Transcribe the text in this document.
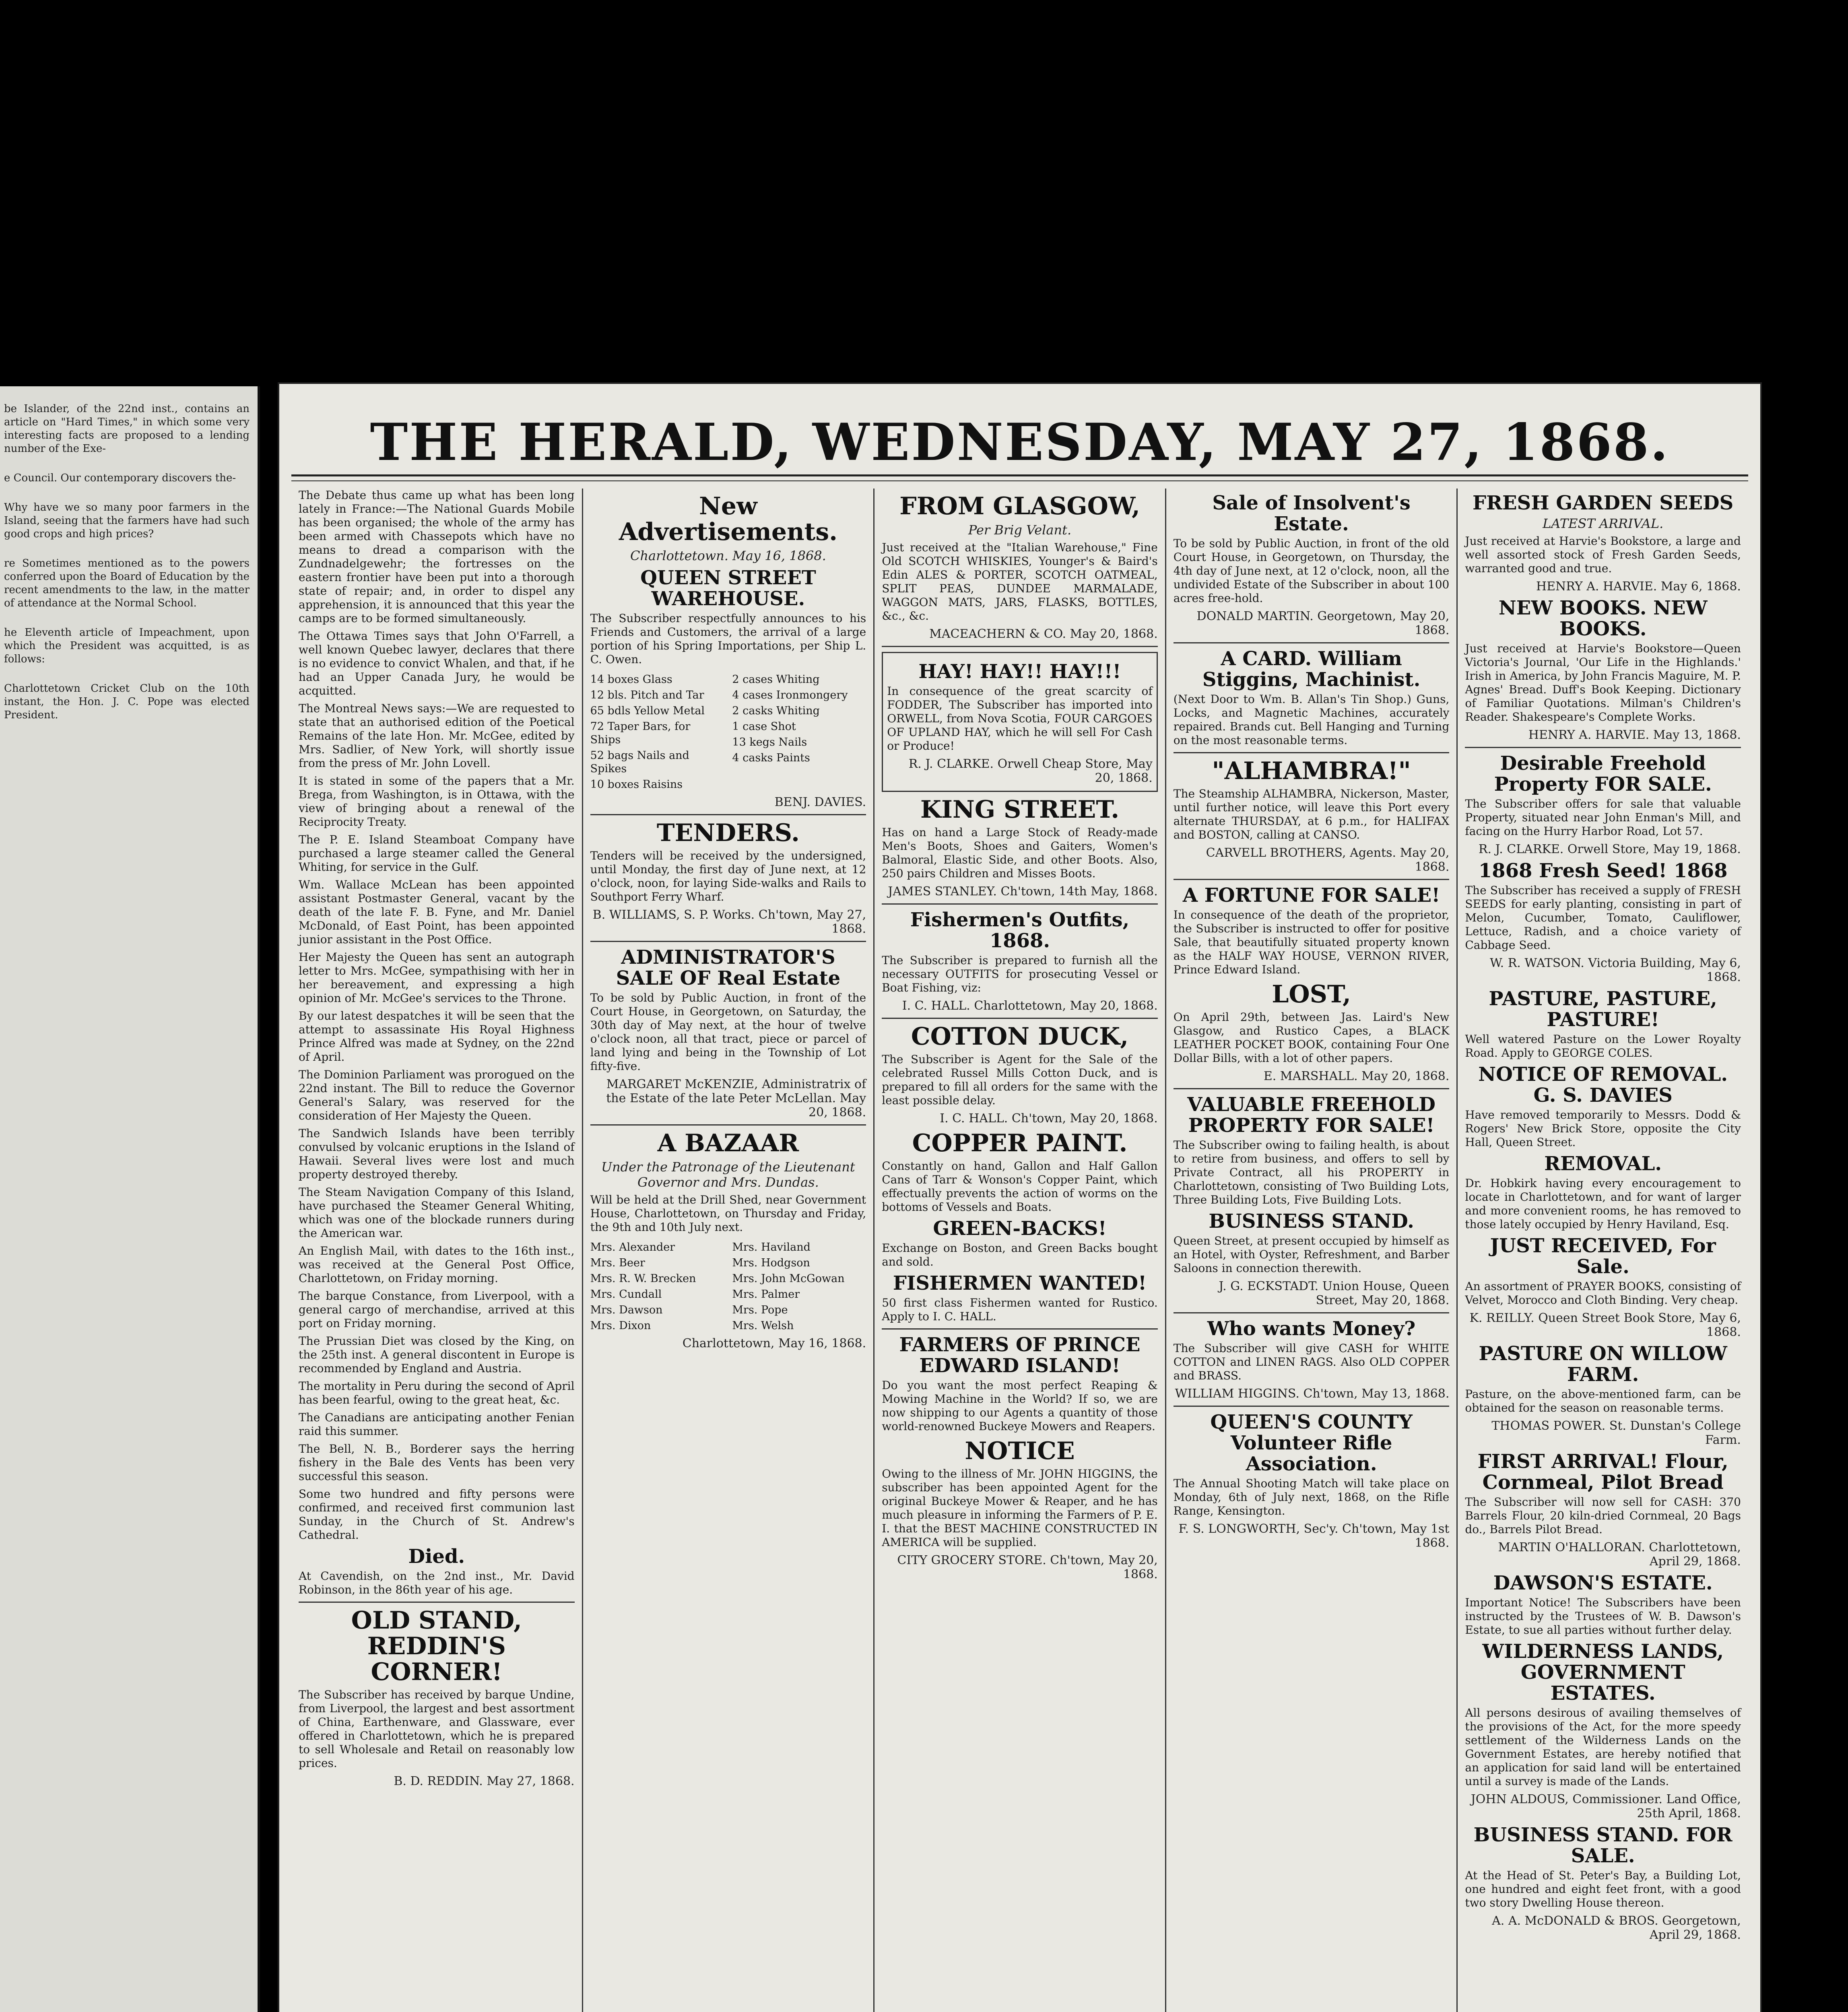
be Islander, of the 22nd inst., contains an article on "Hard Times," in which some very interesting facts are proposed to a lending number of the Exe-

e Council. Our contemporary discovers the-

Why have we so many poor farmers in the Island, seeing that the farmers have had such good crops and high prices?

re Sometimes mentioned as to the powers conferred upon the Board of Education by the recent amendments to the law, in the matter of attendance at the Normal School.

he Eleventh article of Impeachment, upon which the President was acquitted, is as follows:

Charlottetown Cricket Club on the 10th instant, the Hon. J. C. Pope was elected President.

THE HERALD, WEDNESDAY, MAY 27, 1868.

The Debate thus came up what has been long lately in France:—The National Guards Mobile has been organised; the whole of the army has been armed with Chassepots which have no means to dread a comparison with the Zundnadelgewehr; the fortresses on the eastern frontier have been put into a thorough state of repair; and, in order to dispel any apprehension, it is announced that this year the camps are to be formed simultaneously.

The Ottawa Times says that John O'Farrell, a well known Quebec lawyer, declares that there is no evidence to convict Whalen, and that, if he had an Upper Canada Jury, he would be acquitted.

The Montreal News says:—We are requested to state that an authorised edition of the Poetical Remains of the late Hon. Mr. McGee, edited by Mrs. Sadlier, of New York, will shortly issue from the press of Mr. John Lovell.

It is stated in some of the papers that a Mr. Brega, from Washington, is in Ottawa, with the view of bringing about a renewal of the Reciprocity Treaty.

The P. E. Island Steamboat Company have purchased a large steamer called the General Whiting, for service in the Gulf.

Wm. Wallace McLean has been appointed assistant Postmaster General, vacant by the death of the late F. B. Fyne, and Mr. Daniel McDonald, of East Point, has been appointed junior assistant in the Post Office.

Her Majesty the Queen has sent an autograph letter to Mrs. McGee, sympathising with her in her bereavement, and expressing a high opinion of Mr. McGee's services to the Throne.

By our latest despatches it will be seen that the attempt to assassinate His Royal Highness Prince Alfred was made at Sydney, on the 22nd of April.

The Dominion Parliament was prorogued on the 22nd instant. The Bill to reduce the Governor General's Salary, was reserved for the consideration of Her Majesty the Queen.

The Sandwich Islands have been terribly convulsed by volcanic eruptions in the Island of Hawaii. Several lives were lost and much property destroyed thereby.

The Steam Navigation Company of this Island, have purchased the Steamer General Whiting, which was one of the blockade runners during the American war.

An English Mail, with dates to the 16th inst., was received at the General Post Office, Charlottetown, on Friday morning.

The barque Constance, from Liverpool, with a general cargo of merchandise, arrived at this port on Friday morning.

The Prussian Diet was closed by the King, on the 25th inst. A general discontent in Europe is recommended by England and Austria.

The mortality in Peru during the second of April has been fearful, owing to the great heat, &c.

The Canadians are anticipating another Fenian raid this summer.

The Bell, N. B., Borderer says the herring fishery in the Bale des Vents has been very successful this season.

Some two hundred and fifty persons were confirmed, and received first communion last Sunday, in the Church of St. Andrew's Cathedral.

Died.

At Cavendish, on the 2nd inst., Mr. David Robinson, in the 86th year of his age.

OLD STAND, REDDIN'S CORNER!

The Subscriber has received by barque Undine, from Liverpool, the largest and best assortment of China, Earthenware, and Glassware, ever offered in Charlottetown, which he is prepared to sell Wholesale and Retail on reasonably low prices.

B. D. REDDIN. May 27, 1868.
New Advertisements.
Charlottetown. May 16, 1868.
QUEEN STREET WAREHOUSE.

The Subscriber respectfully announces to his Friends and Customers, the arrival of a large portion of his Spring Importations, per Ship L. C. Owen.

14 boxes Glass
12 bls. Pitch and Tar
65 bdls Yellow Metal
72 Taper Bars, for Ships
52 bags Nails and Spikes
10 boxes Raisins
2 cases Whiting
4 cases Ironmongery
2 casks Whiting
1 case Shot
13 kegs Nails
4 casks Paints
BENJ. DAVIES.
TENDERS.

Tenders will be received by the undersigned, until Monday, the first day of June next, at 12 o'clock, noon, for laying Side-walks and Rails to Southport Ferry Wharf.

B. WILLIAMS, S. P. Works. Ch'town, May 27, 1868.
ADMINISTRATOR'S SALE OF Real Estate

To be sold by Public Auction, in front of the Court House, in Georgetown, on Saturday, the 30th day of May next, at the hour of twelve o'clock noon, all that tract, piece or parcel of land lying and being in the Township of Lot fifty-five.

MARGARET McKENZIE, Administratrix of the Estate of the late Peter McLellan. May 20, 1868.
A BAZAAR
Under the Patronage of the Lieutenant Governor and Mrs. Dundas.

Will be held at the Drill Shed, near Government House, Charlottetown, on Thursday and Friday, the 9th and 10th July next.

Mrs. Alexander
Mrs. Beer
Mrs. R. W. Brecken
Mrs. Cundall
Mrs. Dawson
Mrs. Dixon
Mrs. Haviland
Mrs. Hodgson
Mrs. John McGowan
Mrs. Palmer
Mrs. Pope
Mrs. Welsh
Charlottetown, May 16, 1868.
FROM GLASGOW,
Per Brig Velant.

Just received at the "Italian Warehouse," Fine Old SCOTCH WHISKIES, Younger's & Baird's Edin ALES & PORTER, SCOTCH OATMEAL, SPLIT PEAS, DUNDEE MARMALADE, WAGGON MATS, JARS, FLASKS, BOTTLES, &c., &c.

MACEACHERN & CO. May 20, 1868.
HAY! HAY!! HAY!!!

In consequence of the great scarcity of FODDER, The Subscriber has imported into ORWELL, from Nova Scotia, FOUR CARGOES OF UPLAND HAY, which he will sell For Cash or Produce!

R. J. CLARKE. Orwell Cheap Store, May 20, 1868.
KING STREET.

Has on hand a Large Stock of Ready-made Men's Boots, Shoes and Gaiters, Women's Balmoral, Elastic Side, and other Boots. Also, 250 pairs Children and Misses Boots.

JAMES STANLEY. Ch'town, 14th May, 1868.
Fishermen's Outfits, 1868.

The Subscriber is prepared to furnish all the necessary OUTFITS for prosecuting Vessel or Boat Fishing, viz:

I. C. HALL. Charlottetown, May 20, 1868.
COTTON DUCK,

The Subscriber is Agent for the Sale of the celebrated Russel Mills Cotton Duck, and is prepared to fill all orders for the same with the least possible delay.

I. C. HALL. Ch'town, May 20, 1868.
COPPER PAINT.

Constantly on hand, Gallon and Half Gallon Cans of Tarr & Wonson's Copper Paint, which effectually prevents the action of worms on the bottoms of Vessels and Boats.

GREEN-BACKS!

Exchange on Boston, and Green Backs bought and sold.

FISHERMEN WANTED!

50 first class Fishermen wanted for Rustico. Apply to I. C. HALL.

FARMERS OF PRINCE EDWARD ISLAND!

Do you want the most perfect Reaping & Mowing Machine in the World? If so, we are now shipping to our Agents a quantity of those world-renowned Buckeye Mowers and Reapers.

NOTICE

Owing to the illness of Mr. JOHN HIGGINS, the subscriber has been appointed Agent for the original Buckeye Mower & Reaper, and he has much pleasure in informing the Farmers of P. E. I. that the BEST MACHINE CONSTRUCTED IN AMERICA will be supplied.

CITY GROCERY STORE. Ch'town, May 20, 1868.
Sale of Insolvent's Estate.

To be sold by Public Auction, in front of the old Court House, in Georgetown, on Thursday, the 4th day of June next, at 12 o'clock, noon, all the undivided Estate of the Subscriber in about 100 acres free-hold.

DONALD MARTIN. Georgetown, May 20, 1868.
A CARD. William Stiggins, Machinist.

(Next Door to Wm. B. Allan's Tin Shop.) Guns, Locks, and Magnetic Machines, accurately repaired. Brands cut. Bell Hanging and Turning on the most reasonable terms.

"ALHAMBRA!"

The Steamship ALHAMBRA, Nickerson, Master, until further notice, will leave this Port every alternate THURSDAY, at 6 p.m., for HALIFAX and BOSTON, calling at CANSO.

CARVELL BROTHERS, Agents. May 20, 1868.
A FORTUNE FOR SALE!

In consequence of the death of the proprietor, the Subscriber is instructed to offer for positive Sale, that beautifully situated property known as the HALF WAY HOUSE, VERNON RIVER, Prince Edward Island.

LOST,

On April 29th, between Jas. Laird's New Glasgow, and Rustico Capes, a BLACK LEATHER POCKET BOOK, containing Four One Dollar Bills, with a lot of other papers.

E. MARSHALL. May 20, 1868.
VALUABLE FREEHOLD PROPERTY FOR SALE!

The Subscriber owing to failing health, is about to retire from business, and offers to sell by Private Contract, all his PROPERTY in Charlottetown, consisting of Two Building Lots, Three Building Lots, Five Building Lots.

BUSINESS STAND.

Queen Street, at present occupied by himself as an Hotel, with Oyster, Refreshment, and Barber Saloons in connection therewith.

J. G. ECKSTADT. Union House, Queen Street, May 20, 1868.
Who wants Money?

The Subscriber will give CASH for WHITE COTTON and LINEN RAGS. Also OLD COPPER and BRASS.

WILLIAM HIGGINS. Ch'town, May 13, 1868.
QUEEN'S COUNTY Volunteer Rifle Association.

The Annual Shooting Match will take place on Monday, 6th of July next, 1868, on the Rifle Range, Kensington.

F. S. LONGWORTH, Sec'y. Ch'town, May 1st 1868.
FRESH GARDEN SEEDS
LATEST ARRIVAL.

Just received at Harvie's Bookstore, a large and well assorted stock of Fresh Garden Seeds, warranted good and true.

HENRY A. HARVIE. May 6, 1868.
NEW BOOKS. NEW BOOKS.

Just received at Harvie's Bookstore—Queen Victoria's Journal, 'Our Life in the Highlands.' Irish in America, by John Francis Maguire, M. P. Agnes' Bread. Duff's Book Keeping. Dictionary of Familiar Quotations. Milman's Children's Reader. Shakespeare's Complete Works.

HENRY A. HARVIE. May 13, 1868.
Desirable Freehold Property FOR SALE.

The Subscriber offers for sale that valuable Property, situated near John Enman's Mill, and facing on the Hurry Harbor Road, Lot 57.

R. J. CLARKE. Orwell Store, May 19, 1868.
1868 Fresh Seed! 1868

The Subscriber has received a supply of FRESH SEEDS for early planting, consisting in part of Melon, Cucumber, Tomato, Cauliflower, Lettuce, Radish, and a choice variety of Cabbage Seed.

W. R. WATSON. Victoria Building, May 6, 1868.
PASTURE, PASTURE, PASTURE!

Well watered Pasture on the Lower Royalty Road. Apply to GEORGE COLES.

NOTICE OF REMOVAL. G. S. DAVIES

Have removed temporarily to Messrs. Dodd & Rogers' New Brick Store, opposite the City Hall, Queen Street.

REMOVAL.

Dr. Hobkirk having every encouragement to locate in Charlottetown, and for want of larger and more convenient rooms, he has removed to those lately occupied by Henry Haviland, Esq.

JUST RECEIVED, For Sale.

An assortment of PRAYER BOOKS, consisting of Velvet, Morocco and Cloth Binding. Very cheap.

K. REILLY. Queen Street Book Store, May 6, 1868.
PASTURE ON WILLOW FARM.

Pasture, on the above-mentioned farm, can be obtained for the season on reasonable terms.

THOMAS POWER. St. Dunstan's College Farm.
FIRST ARRIVAL! Flour, Cornmeal, Pilot Bread

The Subscriber will now sell for CASH: 370 Barrels Flour, 20 kiln-dried Cornmeal, 20 Bags do., Barrels Pilot Bread.

MARTIN O'HALLORAN. Charlottetown, April 29, 1868.
DAWSON'S ESTATE.

Important Notice! The Subscribers have been instructed by the Trustees of W. B. Dawson's Estate, to sue all parties without further delay.

WILDERNESS LANDS, GOVERNMENT ESTATES.

All persons desirous of availing themselves of the provisions of the Act, for the more speedy settlement of the Wilderness Lands on the Government Estates, are hereby notified that an application for said land will be entertained until a survey is made of the Lands.

JOHN ALDOUS, Commissioner. Land Office, 25th April, 1868.
BUSINESS STAND. FOR SALE.

At the Head of St. Peter's Bay, a Building Lot, one hundred and eight feet front, with a good two story Dwelling House thereon.

A. A. McDONALD & BROS. Georgetown, April 29, 1868.
